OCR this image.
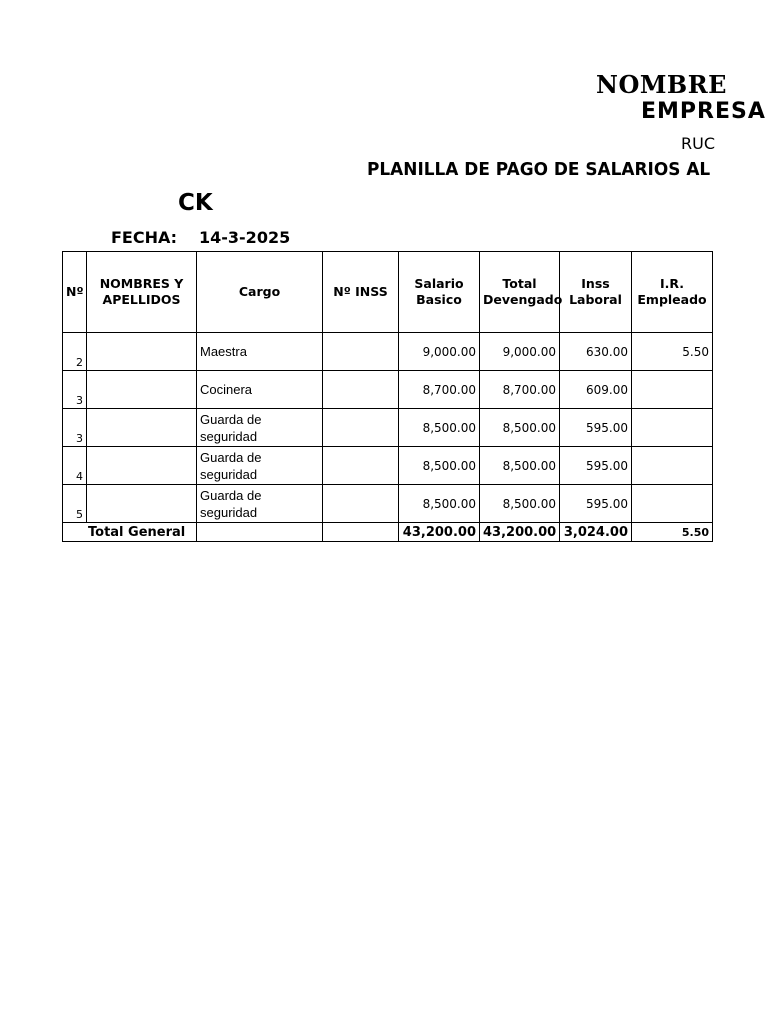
NOMBRE
EMPRESA
RUC
PLANILLA DE PAGO DE SALARIOS AL
CK
FECHA: 14-3-2025
Nº	NOMBRES Y APELLIDOS	Cargo	Nº INSS	Salario Basico	Total Devengado	Inss Laboral	I.R. Empleado
2		Maestra		9,000.00	9,000.00	630.00	5.50
3		Cocinera		8,700.00	8,700.00	609.00	
3		Guarda de seguridad		8,500.00	8,500.00	595.00	
4		Guarda de seguridad		8,500.00	8,500.00	595.00	
5		Guarda de seguridad		8,500.00	8,500.00	595.00	
Total General				43,200.00	43,200.00	3,024.00	5.50
